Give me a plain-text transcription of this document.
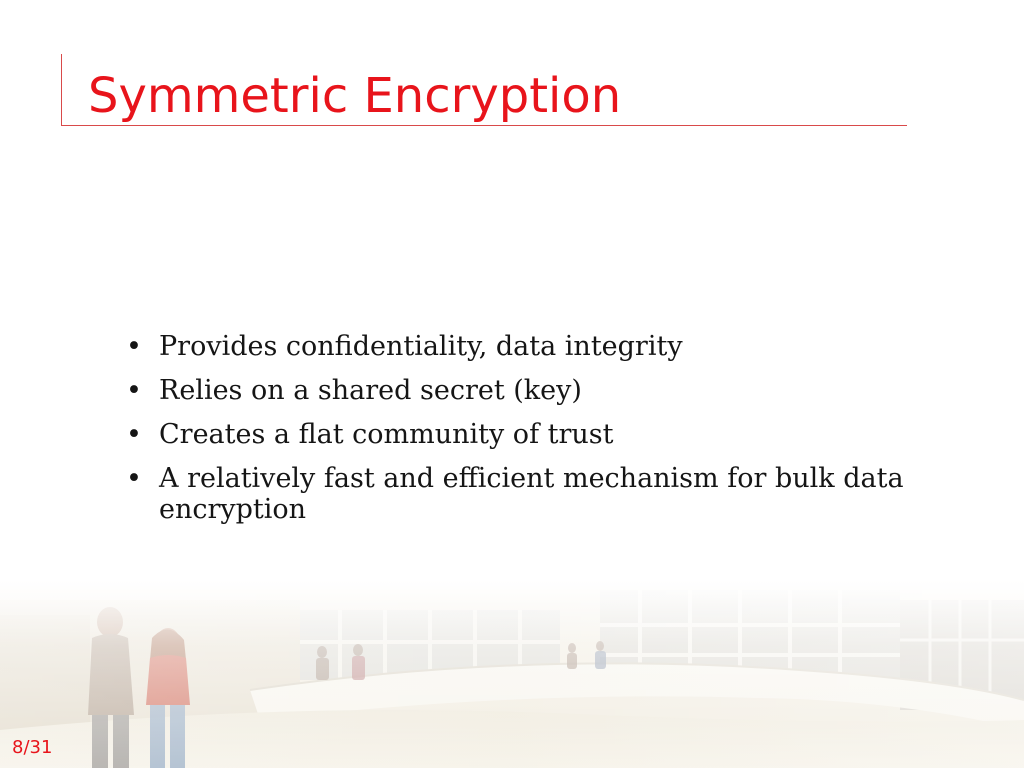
Symmetric Encryption
• Provides confidentiality, data integrity
• Relies on a shared secret (key)
• Creates a flat community of trust
• A relatively fast and efficient mechanism for bulk data encryption
8/31
